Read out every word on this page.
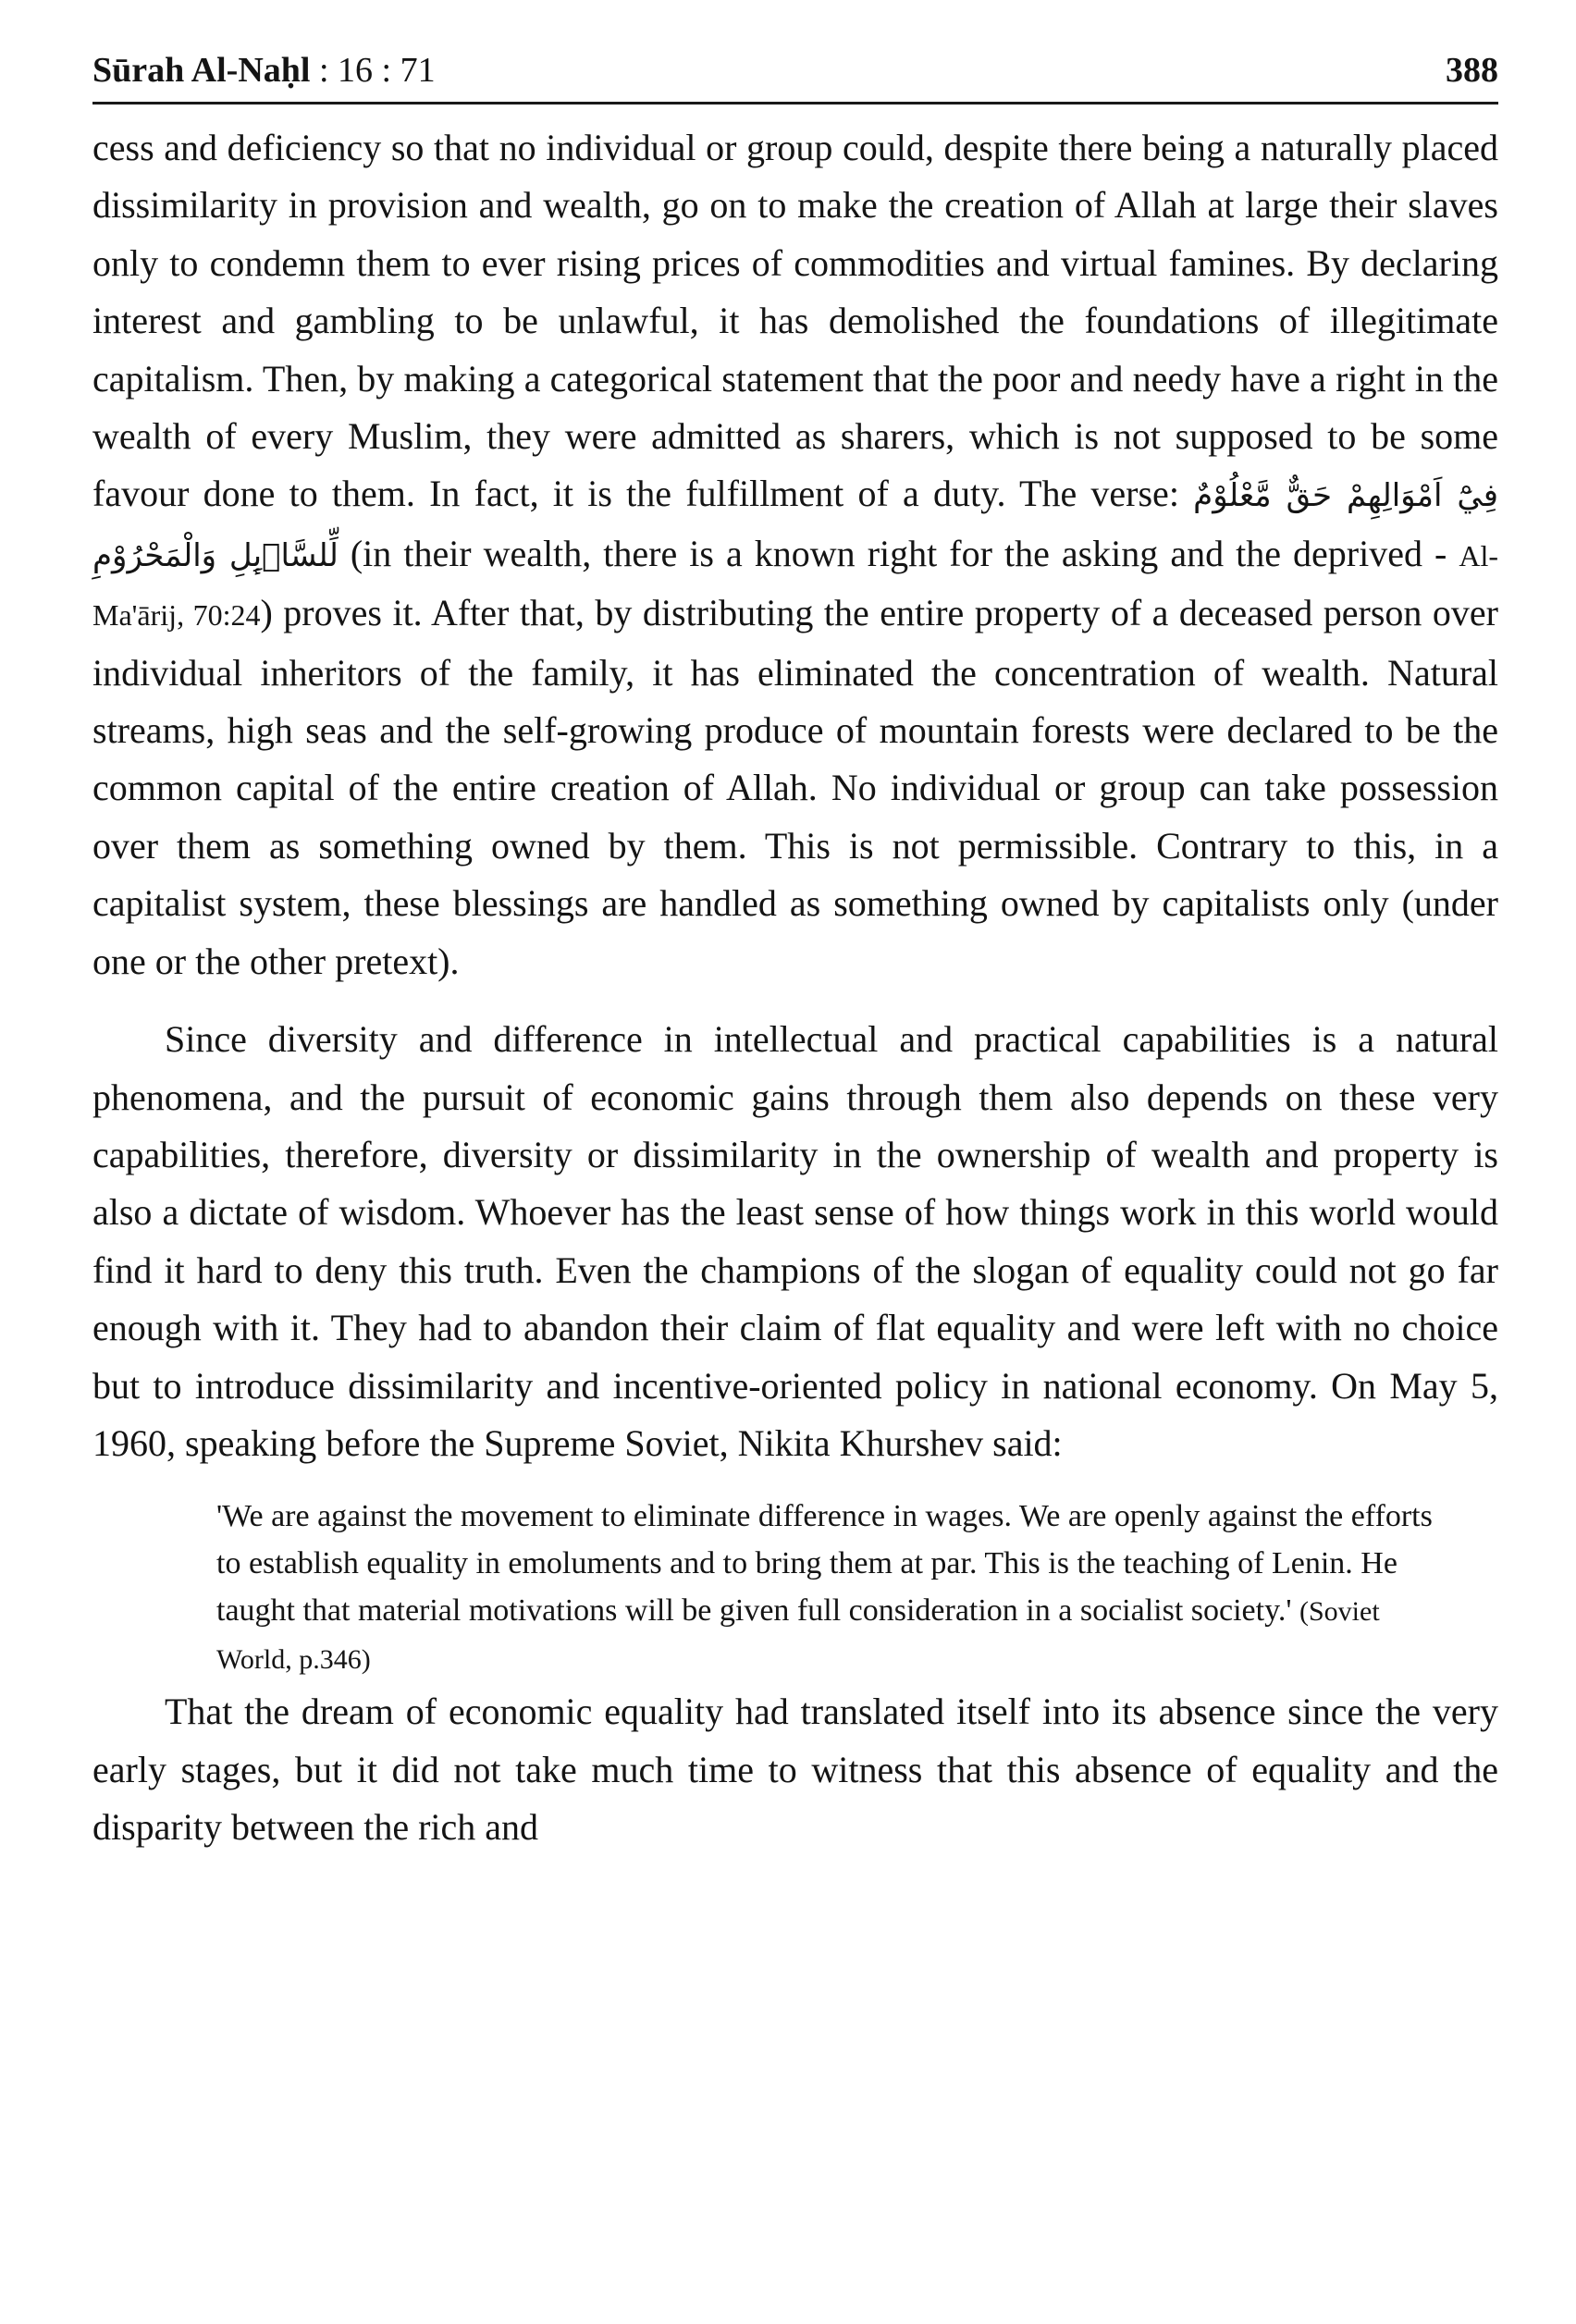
Sūrah Al-Naḥl : 16 : 71	388

cess and deficiency so that no individual or group could, despite there being a naturally placed dissimilarity in provision and wealth, go on to make the creation of Allah at large their slaves only to condemn them to ever rising prices of commodities and virtual famines. By declaring interest and gambling to be unlawful, it has demolished the foundations of illegitimate capitalism. Then, by making a categorical statement that the poor and needy have a right in the wealth of every Muslim, they were admitted as sharers, which is not supposed to be some favour done to them. In fact, it is the fulfillment of a duty. The verse: فِيْٓ اَمْوَالِهِمْ حَقٌّ مَّعْلُوْمٌ لِّلسَّاۗىِٕلِ وَالْمَحْرُوْمِ (in their wealth, there is a known right for the asking and the deprived - Al-Ma'ārij, 70:24) proves it. After that, by distributing the entire property of a deceased person over individual inheritors of the family, it has eliminated the concentration of wealth. Natural streams, high seas and the self-growing produce of mountain forests were declared to be the common capital of the entire creation of Allah. No individual or group can take possession over them as something owned by them. This is not permissible. Contrary to this, in a capitalist system, these blessings are handled as something owned by capitalists only (under one or the other pretext).

Since diversity and difference in intellectual and practical capabilities is a natural phenomena, and the pursuit of economic gains through them also depends on these very capabilities, therefore, diversity or dissimilarity in the ownership of wealth and property is also a dictate of wisdom. Whoever has the least sense of how things work in this world would find it hard to deny this truth. Even the champions of the slogan of equality could not go far enough with it. They had to abandon their claim of flat equality and were left with no choice but to introduce dissimilarity and incentive-oriented policy in national economy. On May 5, 1960, speaking before the Supreme Soviet, Nikita Khurshev said:

'We are against the movement to eliminate difference in wages. We are openly against the efforts to establish equality in emoluments and to bring them at par. This is the teaching of Lenin. He taught that material motivations will be given full consideration in a socialist society.' (Soviet World, p.346)

That the dream of economic equality had translated itself into its absence since the very early stages, but it did not take much time to witness that this absence of equality and the disparity between the rich and
